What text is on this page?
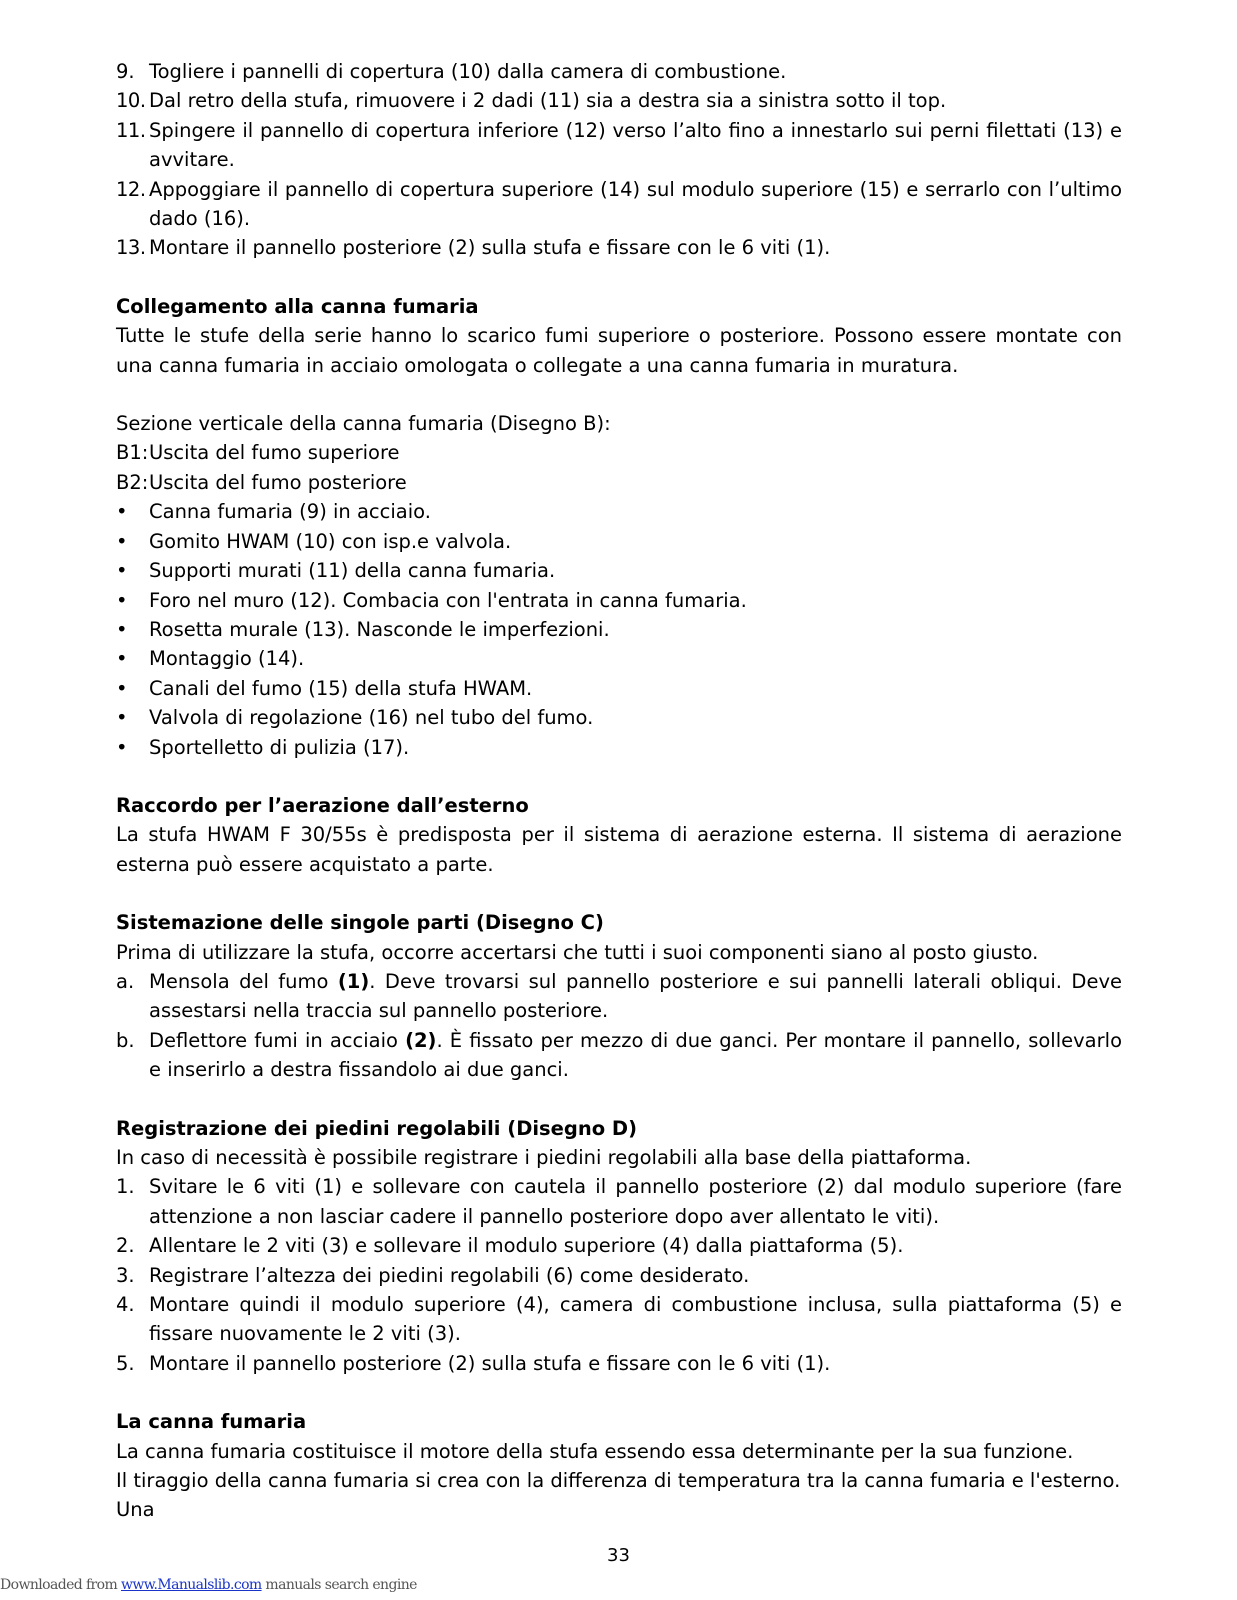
9. Togliere i pannelli di copertura (10) dalla camera di combustione.
10. Dal retro della stufa, rimuovere i 2 dadi (11) sia a destra sia a sinistra sotto il top.
11. Spingere il pannello di copertura inferiore (12) verso l’alto fino a innestarlo sui perni filettati (13) e avvitare.
12. Appoggiare il pannello di copertura superiore (14) sul modulo superiore (15) e serrarlo con l’ultimo dado (16).
13. Montare il pannello posteriore (2) sulla stufa e fissare con le 6 viti (1).
Collegamento alla canna fumaria

Tutte le stufe della serie hanno lo scarico fumi superiore o posteriore. Possono essere montate con una canna fumaria in acciaio omologata o collegate a una canna fumaria in muratura.

Sezione verticale della canna fumaria (Disegno B):

B1: Uscita del fumo superiore
B2: Uscita del fumo posteriore
• Canna fumaria (9) in acciaio.
• Gomito HWAM (10) con isp.e valvola.
• Supporti murati (11) della canna fumaria.
• Foro nel muro (12). Combacia con l'entrata in canna fumaria.
• Rosetta murale (13). Nasconde le imperfezioni.
• Montaggio (14).
• Canali del fumo (15) della stufa HWAM.
• Valvola di regolazione (16) nel tubo del fumo.
• Sportelletto di pulizia (17).
Raccordo per l’aerazione dall’esterno

La stufa HWAM F 30/55s è predisposta per il sistema di aerazione esterna. Il sistema di aerazione esterna può essere acquistato a parte.

Sistemazione delle singole parti (Disegno C)

Prima di utilizzare la stufa, occorre accertarsi che tutti i suoi componenti siano al posto giusto.

a. Mensola del fumo (1). Deve trovarsi sul pannello posteriore e sui pannelli laterali obliqui. Deve assestarsi nella traccia sul pannello posteriore.
b. Deflettore fumi in acciaio (2). È fissato per mezzo di due ganci. Per montare il pannello, sollevarlo e inserirlo a destra fissandolo ai due ganci.
Registrazione dei piedini regolabili (Disegno D)

In caso di necessità è possibile registrare i piedini regolabili alla base della piattaforma.

1. Svitare le 6 viti (1) e sollevare con cautela il pannello posteriore (2) dal modulo superiore (fare attenzione a non lasciar cadere il pannello posteriore dopo aver allentato le viti).
2. Allentare le 2 viti (3) e sollevare il modulo superiore (4) dalla piattaforma (5).
3. Registrare l’altezza dei piedini regolabili (6) come desiderato.
4. Montare quindi il modulo superiore (4), camera di combustione inclusa, sulla piattaforma (5) e fissare nuovamente le 2 viti (3).
5. Montare il pannello posteriore (2) sulla stufa e fissare con le 6 viti (1).
La canna fumaria

La canna fumaria costituisce il motore della stufa essendo essa determinante per la sua funzione.

Il tiraggio della canna fumaria si crea con la differenza di temperatura tra la canna fumaria e l'esterno. Una

33
Downloaded from www.Manualslib.com manuals search engine
